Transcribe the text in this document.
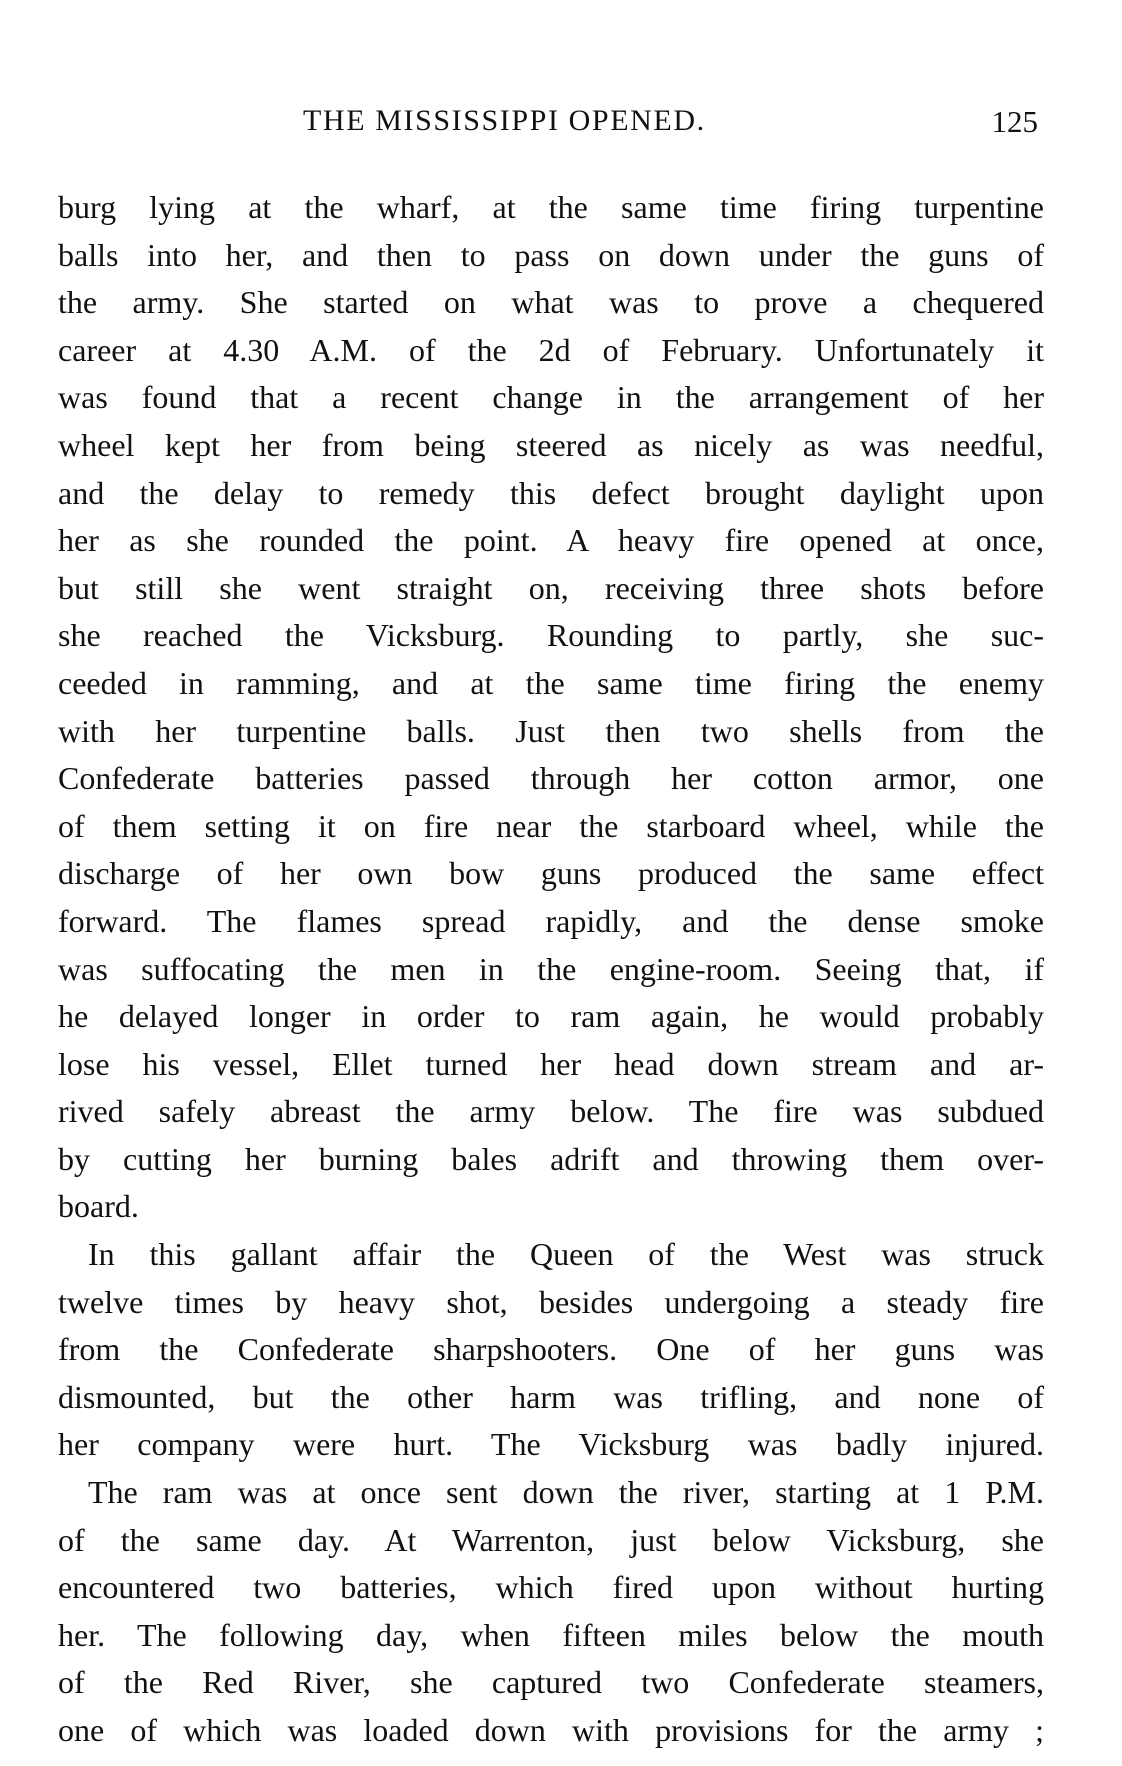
THE MISSISSIPPI OPENED.	125
burg lying at the wharf, at the same time firing turpentine
balls into her, and then to pass on down under the guns of
the army. She started on what was to prove a chequered
career at 4.30 A.M. of the 2d of February. Unfortunately it
was found that a recent change in the arrangement of her
wheel kept her from being steered as nicely as was needful,
and the delay to remedy this defect brought daylight upon
her as she rounded the point. A heavy fire opened at once,
but still she went straight on, receiving three shots before
she reached the Vicksburg. Rounding to partly, she suc-
ceeded in ramming, and at the same time firing the enemy
with her turpentine balls. Just then two shells from the
Confederate batteries passed through her cotton armor, one
of them setting it on fire near the starboard wheel, while the
discharge of her own bow guns produced the same effect
forward. The flames spread rapidly, and the dense smoke
was suffocating the men in the engine-room. Seeing that, if
he delayed longer in order to ram again, he would probably
lose his vessel, Ellet turned her head down stream and ar-
rived safely abreast the army below. The fire was subdued
by cutting her burning bales adrift and throwing them over-
board.
In this gallant affair the Queen of the West was struck
twelve times by heavy shot, besides undergoing a steady fire
from the Confederate sharpshooters. One of her guns was
dismounted, but the other harm was trifling, and none of
her company were hurt. The Vicksburg was badly injured.
The ram was at once sent down the river, starting at 1 P.M.
of the same day. At Warrenton, just below Vicksburg, she
encountered two batteries, which fired upon without hurting
her. The following day, when fifteen miles below the mouth
of the Red River, she captured two Confederate steamers,
one of which was loaded down with provisions for the army ;
